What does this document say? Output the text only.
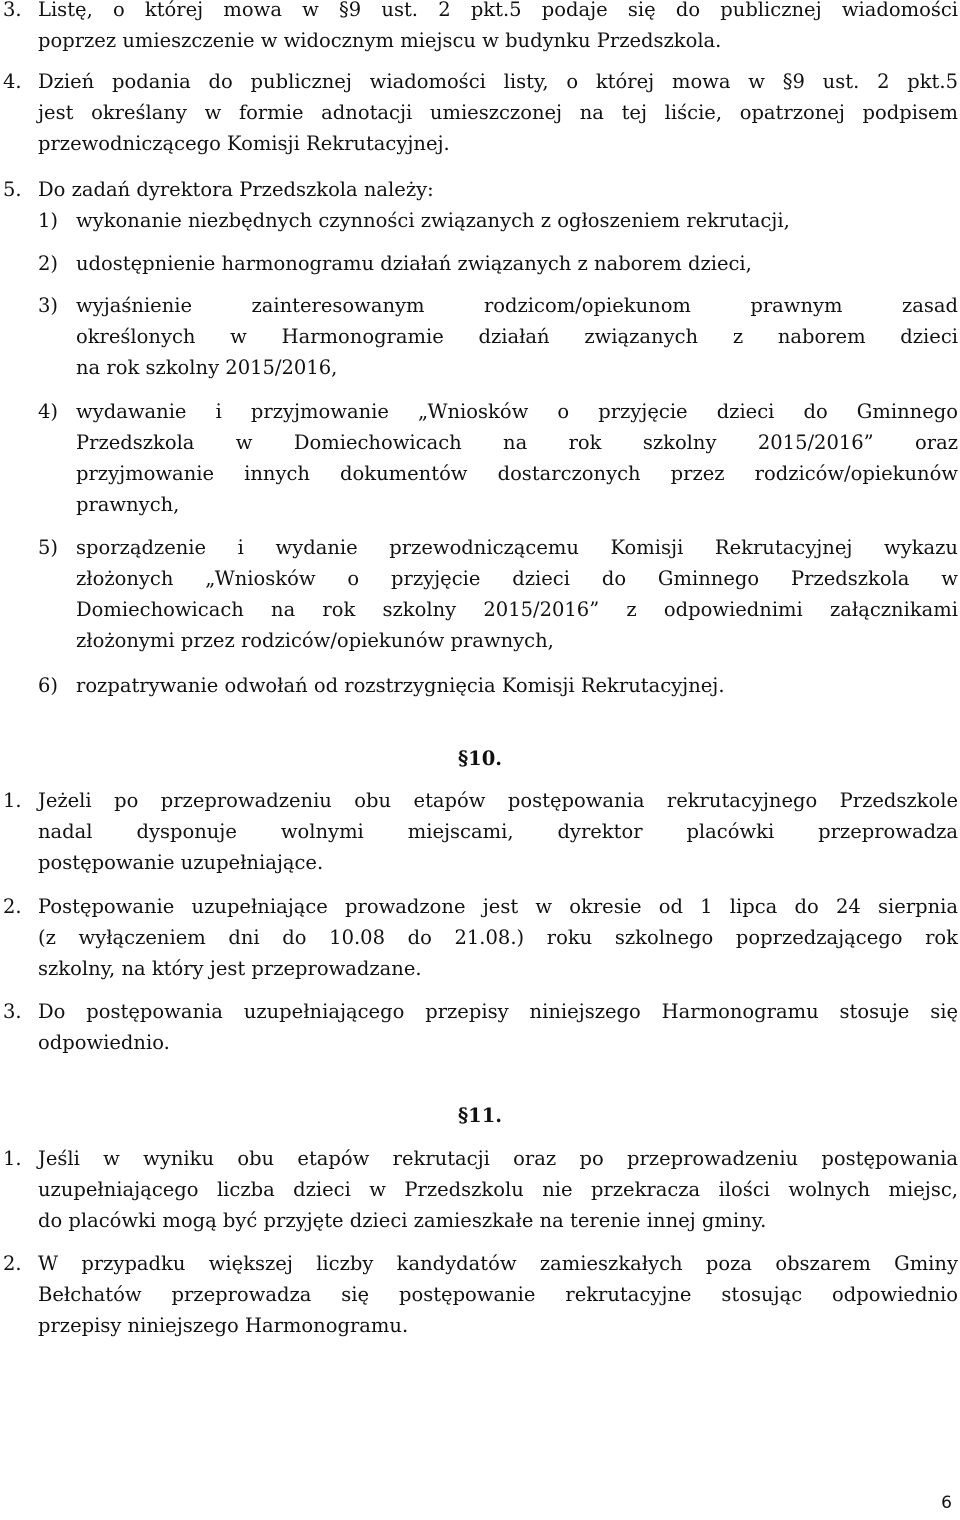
3. Listę, o której mowa w §9 ust. 2 pkt.5 podaje się do publicznej wiadomości
poprzez umieszczenie w widocznym miejscu w budynku Przedszkola.
4. Dzień podania do publicznej wiadomości listy, o której mowa w §9 ust. 2 pkt.5
jest określany w formie adnotacji umieszczonej na tej liście, opatrzonej podpisem
przewodniczącego Komisji Rekrutacyjnej.
5. Do zadań dyrektora Przedszkola należy:
1) wykonanie niezbędnych czynności związanych z ogłoszeniem rekrutacji,
2) udostępnienie harmonogramu działań związanych z naborem dzieci,
3) wyjaśnienie zainteresowanym rodzicom/opiekunom prawnym zasad
określonych w Harmonogramie działań związanych z naborem dzieci
na rok szkolny 2015/2016,
4) wydawanie i przyjmowanie „Wniosków o przyjęcie dzieci do Gminnego
Przedszkola w Domiechowicach na rok szkolny 2015/2016” oraz
przyjmowanie innych dokumentów dostarczonych przez rodziców/opiekunów
prawnych,
5) sporządzenie i wydanie przewodniczącemu Komisji Rekrutacyjnej wykazu
złożonych „Wniosków o przyjęcie dzieci do Gminnego Przedszkola w
Domiechowicach na rok szkolny 2015/2016” z odpowiednimi załącznikami
złożonymi przez rodziców/opiekunów prawnych,
6) rozpatrywanie odwołań od rozstrzygnięcia Komisji Rekrutacyjnej.
§10.
1. Jeżeli po przeprowadzeniu obu etapów postępowania rekrutacyjnego Przedszkole
nadal dysponuje wolnymi miejscami, dyrektor placówki przeprowadza
postępowanie uzupełniające.
2. Postępowanie uzupełniające prowadzone jest w okresie od 1 lipca do 24 sierpnia
(z wyłączeniem dni do 10.08 do 21.08.) roku szkolnego poprzedzającego rok
szkolny, na który jest przeprowadzane.
3. Do postępowania uzupełniającego przepisy niniejszego Harmonogramu stosuje się
odpowiednio.
§11.
1. Jeśli w wyniku obu etapów rekrutacji oraz po przeprowadzeniu postępowania
uzupełniającego liczba dzieci w Przedszkolu nie przekracza ilości wolnych miejsc,
do placówki mogą być przyjęte dzieci zamieszkałe na terenie innej gminy.
2. W przypadku większej liczby kandydatów zamieszkałych poza obszarem Gminy
Bełchatów przeprowadza się postępowanie rekrutacyjne stosując odpowiednio
przepisy niniejszego Harmonogramu.
6
